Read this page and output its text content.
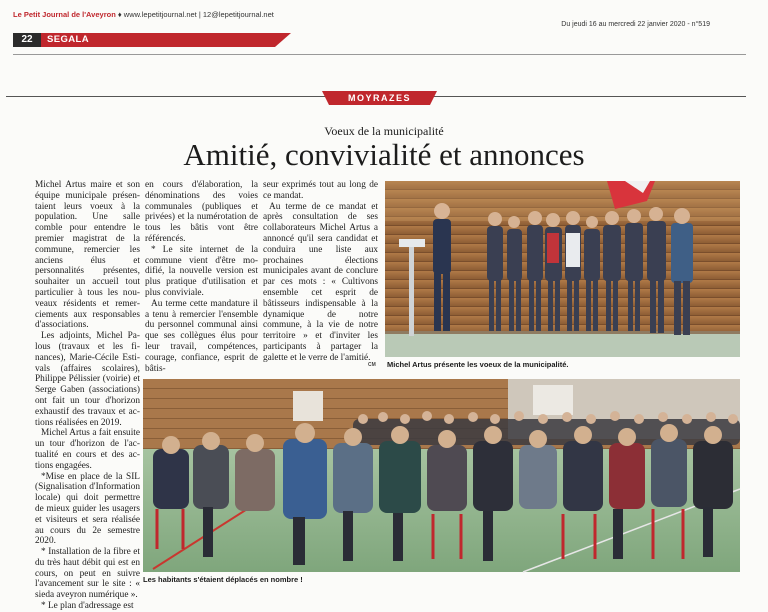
Le Petit Journal de l'Aveyron ♦ www.lepetitjournal.net | 12@lepetitjournal.net
Du jeudi 16 au mercredi 22 janvier 2020 - n°519
22	SEGALA
MOYRAZES
Voeux de la municipalité
Amitié, convivialité et annonces

Michel Artus maire et son équipe municipale présentaient leurs voeux à la population. Une salle comble pour entendre le premier magistrat de la commune, remercier les anciens élus et personnalités présentes, souhaiter un accueil tout particulier à tous les nouveaux résidents et remerciements aux responsables d'associations.

Les adjoints, Michel Palous (travaux et les finances), Marie-Cécile Estivals (affaires scolaires), Philippe Pélissier (voirie) et Serge Gaben (associations) ont fait un tour d'horizon exhaustif des travaux et actions réalisées en 2019.

Michel Artus a fait ensuite un tour d'horizon de l'actualité en cours et des actions engagées.

*Mise en place de la SIL (Signalisation d'Information locale) qui doit permettre de mieux guider les usagers et visiteurs et sera réalisée au cours du 2e semestre 2020.

* Installation de la fibre et du très haut débit qui est en cours, on peut en suivre l'avancement sur le site : « sieda aveyron numérique ».

* Le plan d'adressage est

en cours d'élaboration, la dénominations des voies communales (publiques et privées) et la numérotation de tous les bâtis vont être référencés.

* Le site internet de la commune vient d'être modifié, la nouvelle version est plus pratique d'utilisation et plus conviviale.

Au terme cette mandature il a tenu à remercier l'ensemble du personnel communal ainsi que ses collègues élus pour leur travail, compétences, courage, confiance, esprit de bâtis-

seur exprimés tout au long de ce mandat.

Au terme de ce mandat et après consultation de ses collaborateurs Michel Artus a annoncé qu'il sera candidat et conduira une liste aux prochaines élections municipales avant de conclure par ces mots : « Cultivons ensemble cet esprit de bâtisseurs indispensable à la dynamique de notre commune, à la vie de notre territoire » et d'inviter les participants à partager la galette et le verre de l'amitié.

CM Michel Artus présente les voeux de la municipalité.
Les habitants s'étaient déplacés en nombre !
